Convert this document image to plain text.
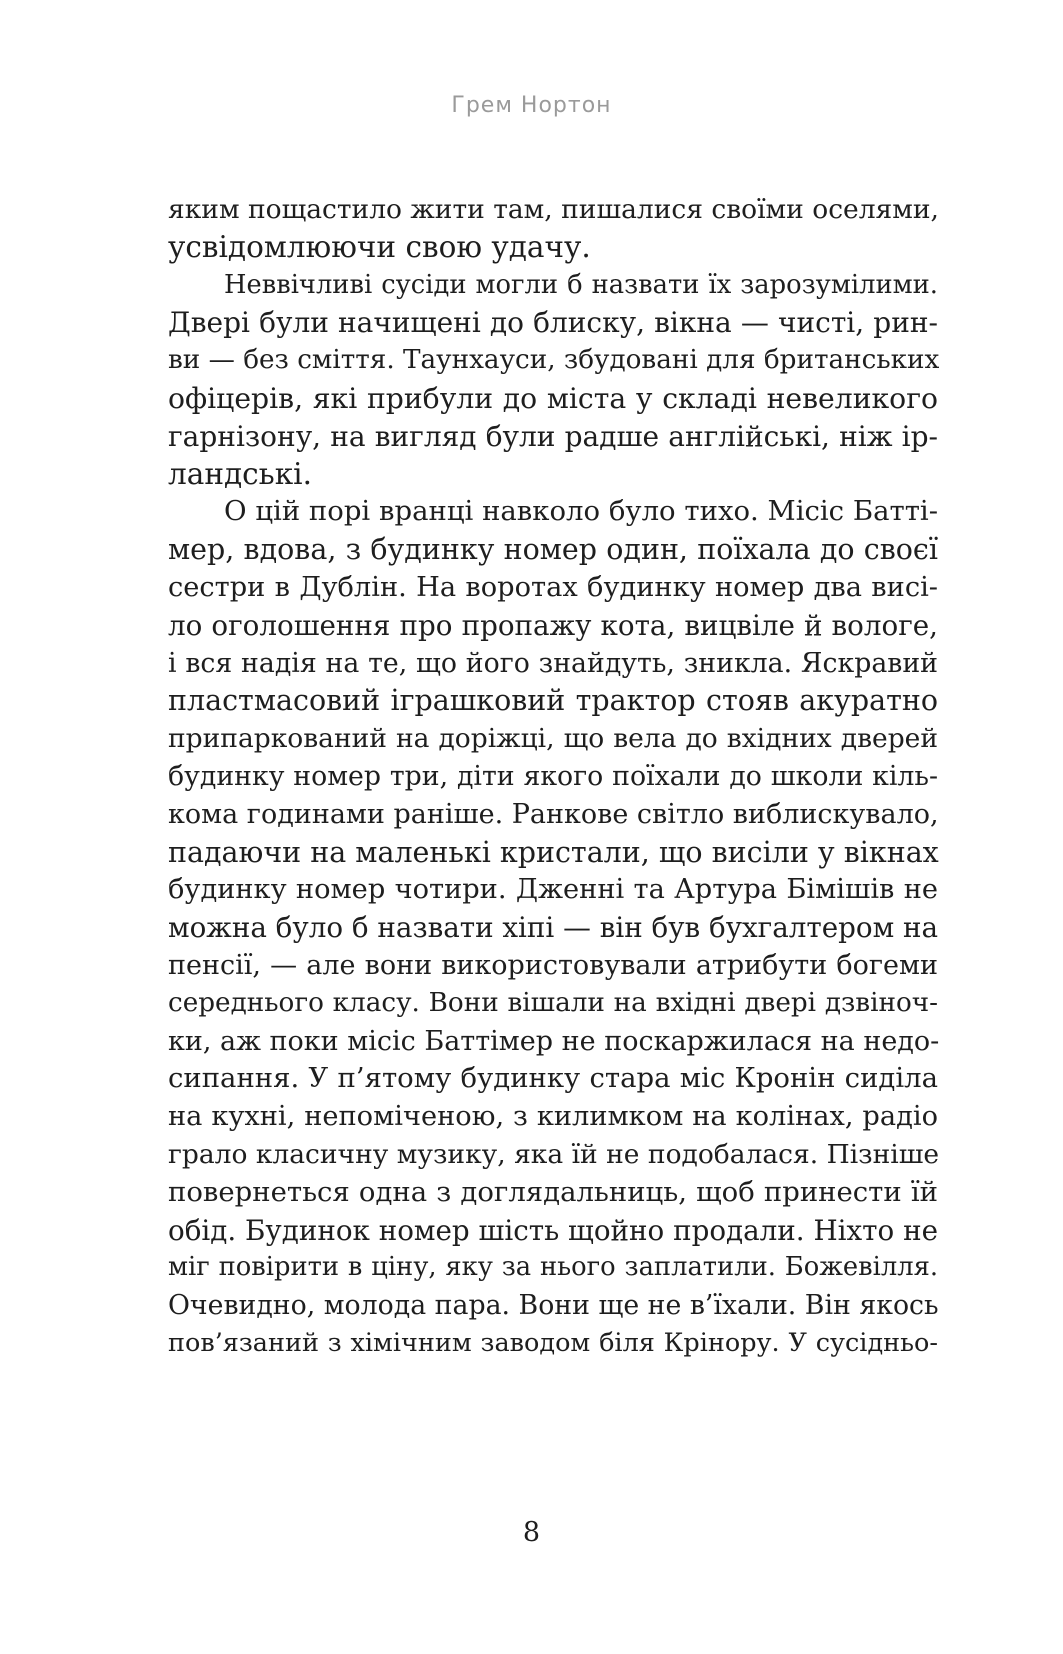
Грем Нортон
яким пощастило жити там, пишалися своїми оселями,
усвідомлюючи свою удачу.
Неввічливі сусіди могли б назвати їх зарозумілими.
Двері були начищені до блиску, вікна — чисті, рин-
ви — без сміття. Таунхауси, збудовані для британських
офіцерів, які прибули до міста у складі невеликого
гарнізону, на вигляд були радше англійські, ніж ір-
ландські.
О цій порі вранці навколо було тихо. Місіс Батті-
мер, вдова, з будинку номер один, поїхала до своєї
сестри в Дублін. На воротах будинку номер два висі-
ло оголошення про пропажу кота, вицвіле й вологе,
і вся надія на те, що його знайдуть, зникла. Яскравий
пластмасовий іграшковий трактор стояв акуратно
припаркований на доріжці, що вела до вхідних дверей
будинку номер три, діти якого поїхали до школи кіль-
кома годинами раніше. Ранкове світло виблискувало,
падаючи на маленькі кристали, що висіли у вікнах
будинку номер чотири. Дженні та Артура Бімішів не
можна було б назвати хіпі — він був бухгалтером на
пенсії, — але вони використовували атрибути богеми
середнього класу. Вони вішали на вхідні двері дзвіноч-
ки, аж поки місіс Баттімер не поскаржилася на недо-
сипання. У п’ятому будинку стара міс Кронін сиділа
на кухні, непоміченою, з килимком на колінах, радіо
грало класичну музику, яка їй не подобалася. Пізніше
повернеться одна з доглядальниць, щоб принести їй
обід. Будинок номер шість щойно продали. Ніхто не
міг повірити в ціну, яку за нього заплатили. Божевілля.
Очевидно, молода пара. Вони ще не в’їхали. Він якось
пов’язаний з хімічним заводом біля Крінору. У сусідньо-
8
